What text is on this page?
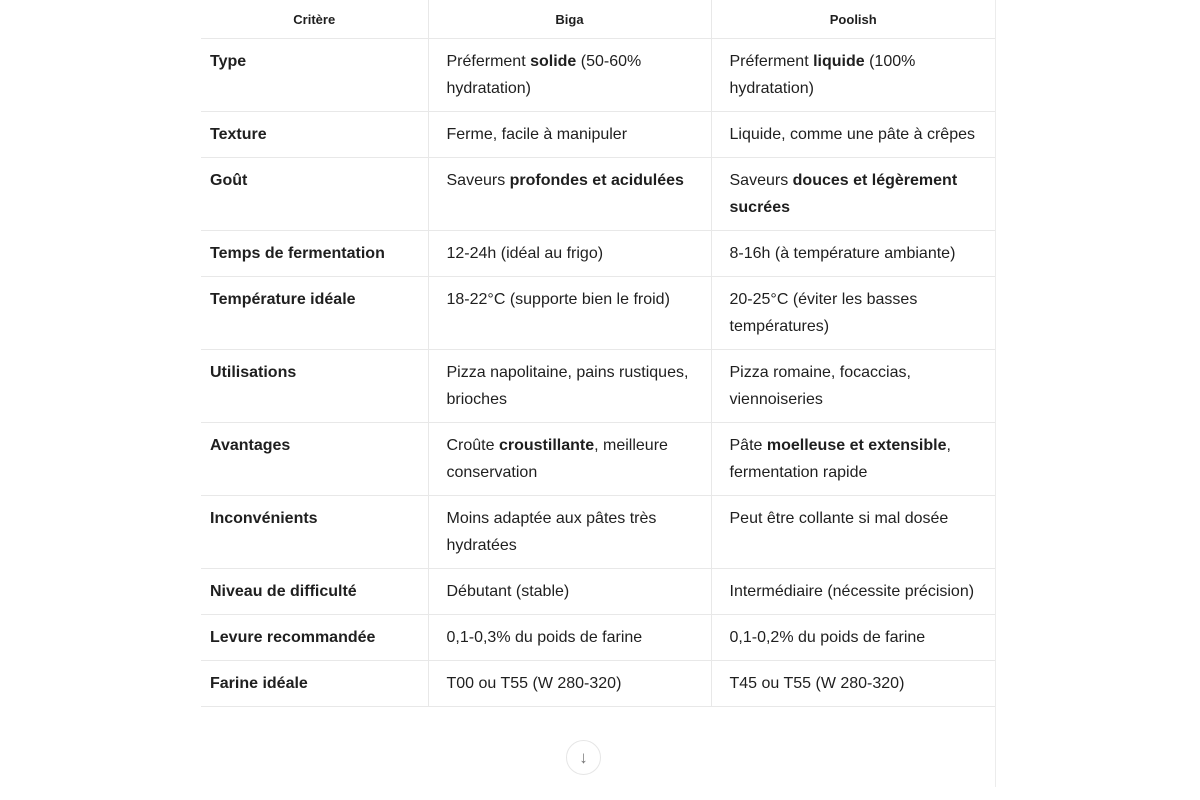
Critère	Biga	Poolish
Type	Préferment solide (50-60% hydratation)	Préferment liquide (100% hydratation)
Texture	Ferme, facile à manipuler	Liquide, comme une pâte à crêpes
Goût	Saveurs profondes et acidulées	Saveurs douces et légèrement sucrées
Temps de fermentation	12-24h (idéal au frigo)	8-16h (à température ambiante)
Température idéale	18-22°C (supporte bien le froid)	20-25°C (éviter les basses températures)
Utilisations	Pizza napolitaine, pains rustiques, brioches	Pizza romaine, focaccias, viennoiseries
Avantages	Croûte croustillante, meilleure conservation	Pâte moelleuse et extensible, fermentation rapide
Inconvénients	Moins adaptée aux pâtes très hydratées	Peut être collante si mal dosée
Niveau de difficulté	Débutant (stable)	Intermédiaire (nécessite précision)
Levure recommandée	0,1-0,3% du poids de farine	0,1-0,2% du poids de farine
Farine idéale	T00 ou T55 (W 280-320)	T45 ou T55 (W 280-320)
↓
